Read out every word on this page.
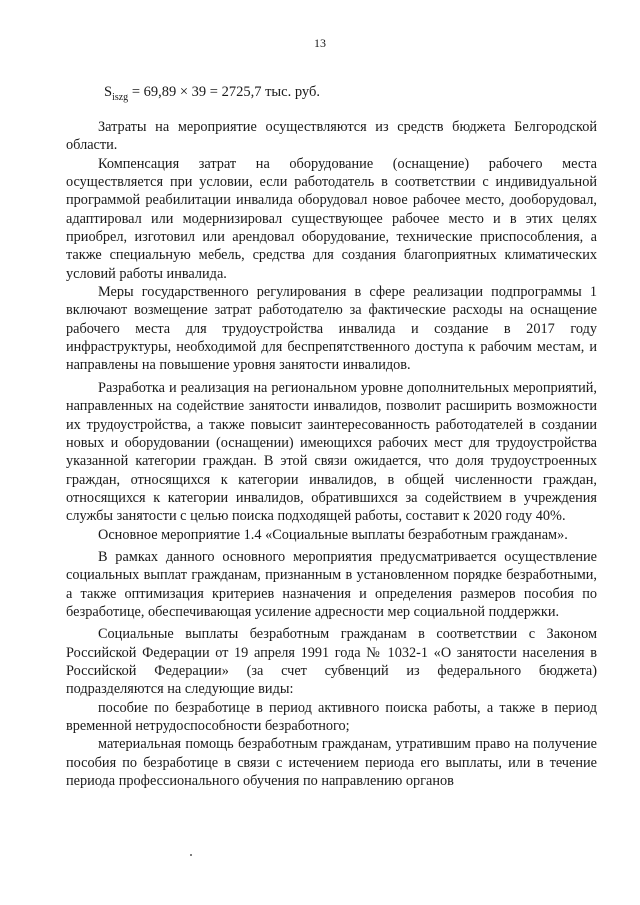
13
$S_{iszg} = 69,89 \times 39 = 2725,7$ тыс. руб.

Затраты на мероприятие осуществляются из средств бюджета Белгородской области.

Компенсация затрат на оборудование (оснащение) рабочего места осуществляется при условии, если работодатель в соответствии с индивидуальной программой реабилитации инвалида оборудовал новое рабочее место, дооборудовал, адаптировал или модернизировал существующее рабочее место и в этих целях приобрел, изготовил или арендовал оборудование, технические приспособления, а также специальную мебель, средства для создания благоприятных климатических условий работы инвалида.

Меры государственного регулирования в сфере реализации подпрограммы 1 включают возмещение затрат работодателю за фактические расходы на оснащение рабочего места для трудоустройства инвалида и создание в 2017 году инфраструктуры, необходимой для беспрепятственного доступа к рабочим местам, и направлены на повышение уровня занятости инвалидов.

Разработка и реализация на региональном уровне дополнительных мероприятий, направленных на содействие занятости инвалидов, позволит расширить возможности их трудоустройства, а также повысит заинтересованность работодателей в создании новых и оборудовании (оснащении) имеющихся рабочих мест для трудоустройства указанной категории граждан. В этой связи ожидается, что доля трудоустроенных граждан, относящихся к категории инвалидов, в общей численности граждан, относящихся к категории инвалидов, обратившихся за содействием в учреждения службы занятости с целью поиска подходящей работы, составит к 2020 году 40%.

Основное мероприятие 1.4 «Социальные выплаты безработным гражданам».

В рамках данного основного мероприятия предусматривается осуществление социальных выплат гражданам, признанным в установленном порядке безработными, а также оптимизация критериев назначения и определения размеров пособия по безработице, обеспечивающая усиление адресности мер социальной поддержки.

Социальные выплаты безработным гражданам в соответствии с Законом Российской Федерации от 19 апреля 1991 года № 1032-1 «О занятости населения в Российской Федерации» (за счет субвенций из федерального бюджета) подразделяются на следующие виды:

пособие по безработице в период активного поиска работы, а также в период временной нетрудоспособности безработного;

материальная помощь безработным гражданам, утратившим право на получение пособия по безработице в связи с истечением периода его выплаты, или в течение периода профессионального обучения по направлению органов
